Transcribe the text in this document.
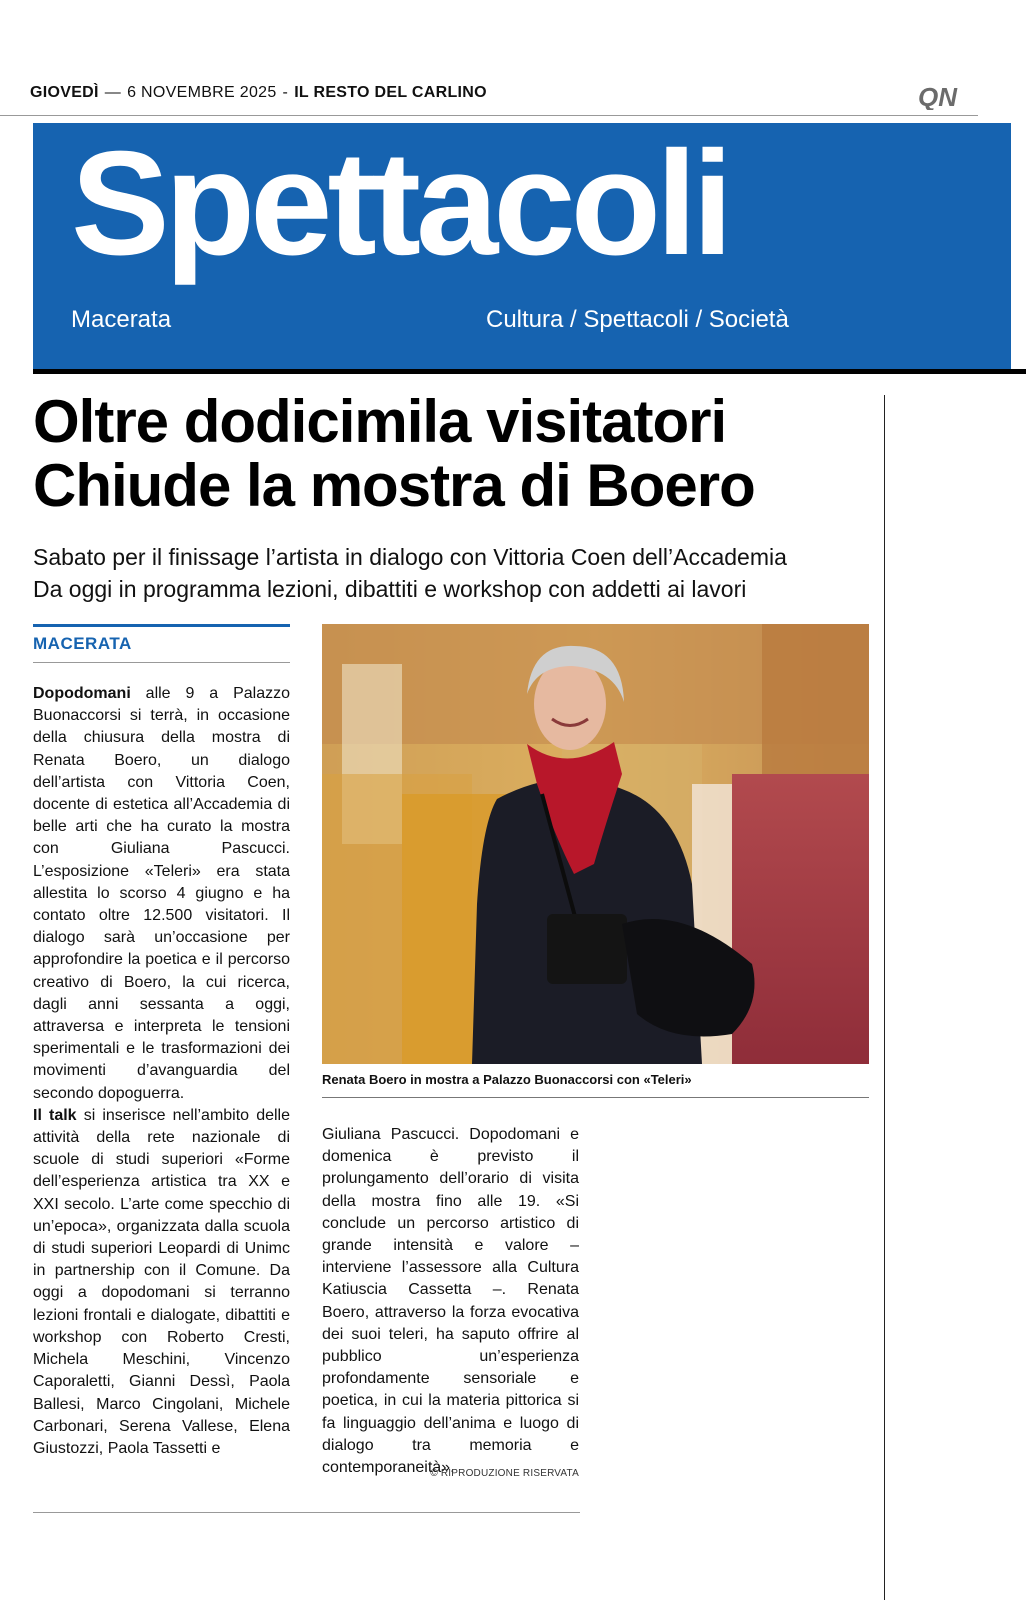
GIOVEDÌ — 6 NOVEMBRE 2025 - IL RESTO DEL CARLINO	QN
Spettacoli
Macerata	Cultura / Spettacoli / Società
Oltre dodicimila visitatori
Chiude la mostra di Boero
Sabato per il finissage l’artista in dialogo con Vittoria Coen dell’Accademia
Da oggi in programma lezioni, dibattiti e workshop con addetti ai lavori
MACERATA

Dopodomani alle 9 a Palazzo Buonaccorsi si terrà, in occasione della chiusura della mostra di Renata Boero, un dialogo dell’artista con Vittoria Coen, docente di estetica all’Accademia di belle arti che ha curato la mostra con Giuliana Pascucci. L’esposizione «Teleri» era stata allestita lo scorso 4 giugno e ha contato oltre 12.500 visitatori. Il dialogo sarà un’occasione per approfondire la poetica e il percorso creativo di Boero, la cui ricerca, dagli anni sessanta a oggi, attraversa e interpreta le tensioni sperimentali e le trasformazioni dei movimenti d’avanguardia del secondo dopoguerra.

Il talk si inserisce nell’ambito delle attività della rete nazionale di scuole di studi superiori «Forme dell’esperienza artistica tra XX e XXI secolo. L’arte come specchio di un’epoca», organizzata dalla scuola di studi superiori Leopardi di Unimc in partnership con il Comune. Da oggi a dopodomani si terranno lezioni frontali e dialogate, dibattiti e workshop con Roberto Cresti, Michela Meschini, Vincenzo Caporaletti, Gianni Dessì, Paola Ballesi, Marco Cingolani, Michele Carbonari, Serena Vallese, Elena Giustozzi, Paola Tassetti e

Renata Boero in mostra a Palazzo Buonaccorsi con «Teleri»

Giuliana Pascucci. Dopodomani e domenica è previsto il prolungamento dell’orario di visita della mostra fino alle 19. «Si conclude un percorso artistico di grande intensità e valore – interviene l’assessore alla Cultura Katiuscia Cassetta –. Renata Boero, attraverso la forza evocativa dei suoi teleri, ha saputo offrire al pubblico un’esperienza profondamente sensoriale e poetica, in cui la materia pittorica si fa linguaggio dell’anima e luogo di dialogo tra memoria e contemporaneità».

© RIPRODUZIONE RISERVATA
